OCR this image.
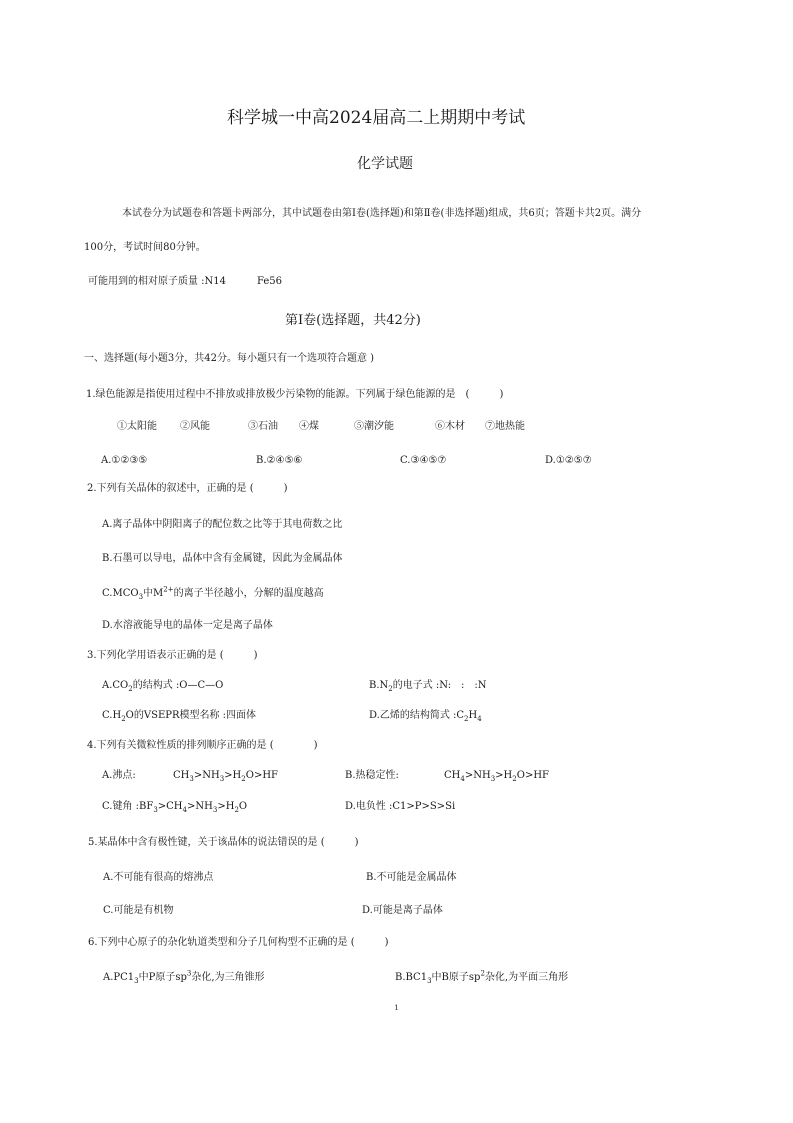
科学城一中高2024届高二上期期中考试
化学试题
本试卷分为试题卷和答题卡两部分，其中试题卷由第Ⅰ卷(选择题)和第Ⅱ卷(非选择题)组成，共6页；答题卡共2页。满分
100分，考试时间80分钟。
可能用到的相对原子质量 :N14	Fe56
第Ⅰ卷(选择题，共42分)
一、选择题(每小题3分，共42分。每小题只有一个选项符合题意 )
1.绿色能源是指使用过程中不排放或排放极少污染物的能源。下列属于绿色能源的是　(　　　)
①太阳能 ②风能	③石油 ④煤	⑤潮汐能	⑥木材 ⑦地热能
A.①②③⑤	B.②④⑤⑥	C.③④⑤⑦	D.①②⑤⑦
2.下列有关晶体的叙述中，正确的是 (　　　)
A.离子晶体中阴阳离子的配位数之比等于其电荷数之比
B.石墨可以导电，晶体中含有金属键，因此为金属晶体
$C.MCO_3$中$M^{2+}$的离子半径越小，分解的温度越高
D.水溶液能导电的晶体一定是离子晶体
3.下列化学用语表示正确的是 (　　　)
$A.CO_2$的结构式 :O—C—O	$B.N_2$的电子式 :N:　:　:N
$C.H_2O$的VSEPR模型名称 :四面体	D.乙烯的结构简式 $:C_2H_4$
4.下列有关微粒性质的排列顺序正确的是 (　　　　)
A.沸点:	$CH_3>NH_3>H_2O>HF$	B.热稳定性:	$CH_4>NH_3>H_2O>HF$
C.键角 $:BF_3>CH_4>NH_3>H_2O$	D.电负性 :C1>P>S>Si
5.某晶体中含有极性键，关于该晶体的说法错误的是 (　　　)
A.不可能有很高的熔沸点	B.不可能是金属晶体
C.可能是有机物	D.可能是离子晶体
6.下列中心原子的杂化轨道类型和分子几何构型不正确的是 (　　　)
$A.PC1_3$中P原子$sp^3$杂化,为三角锥形	$B.BC1_3$中B原子$sp^2$杂化,为平面三角形
1
